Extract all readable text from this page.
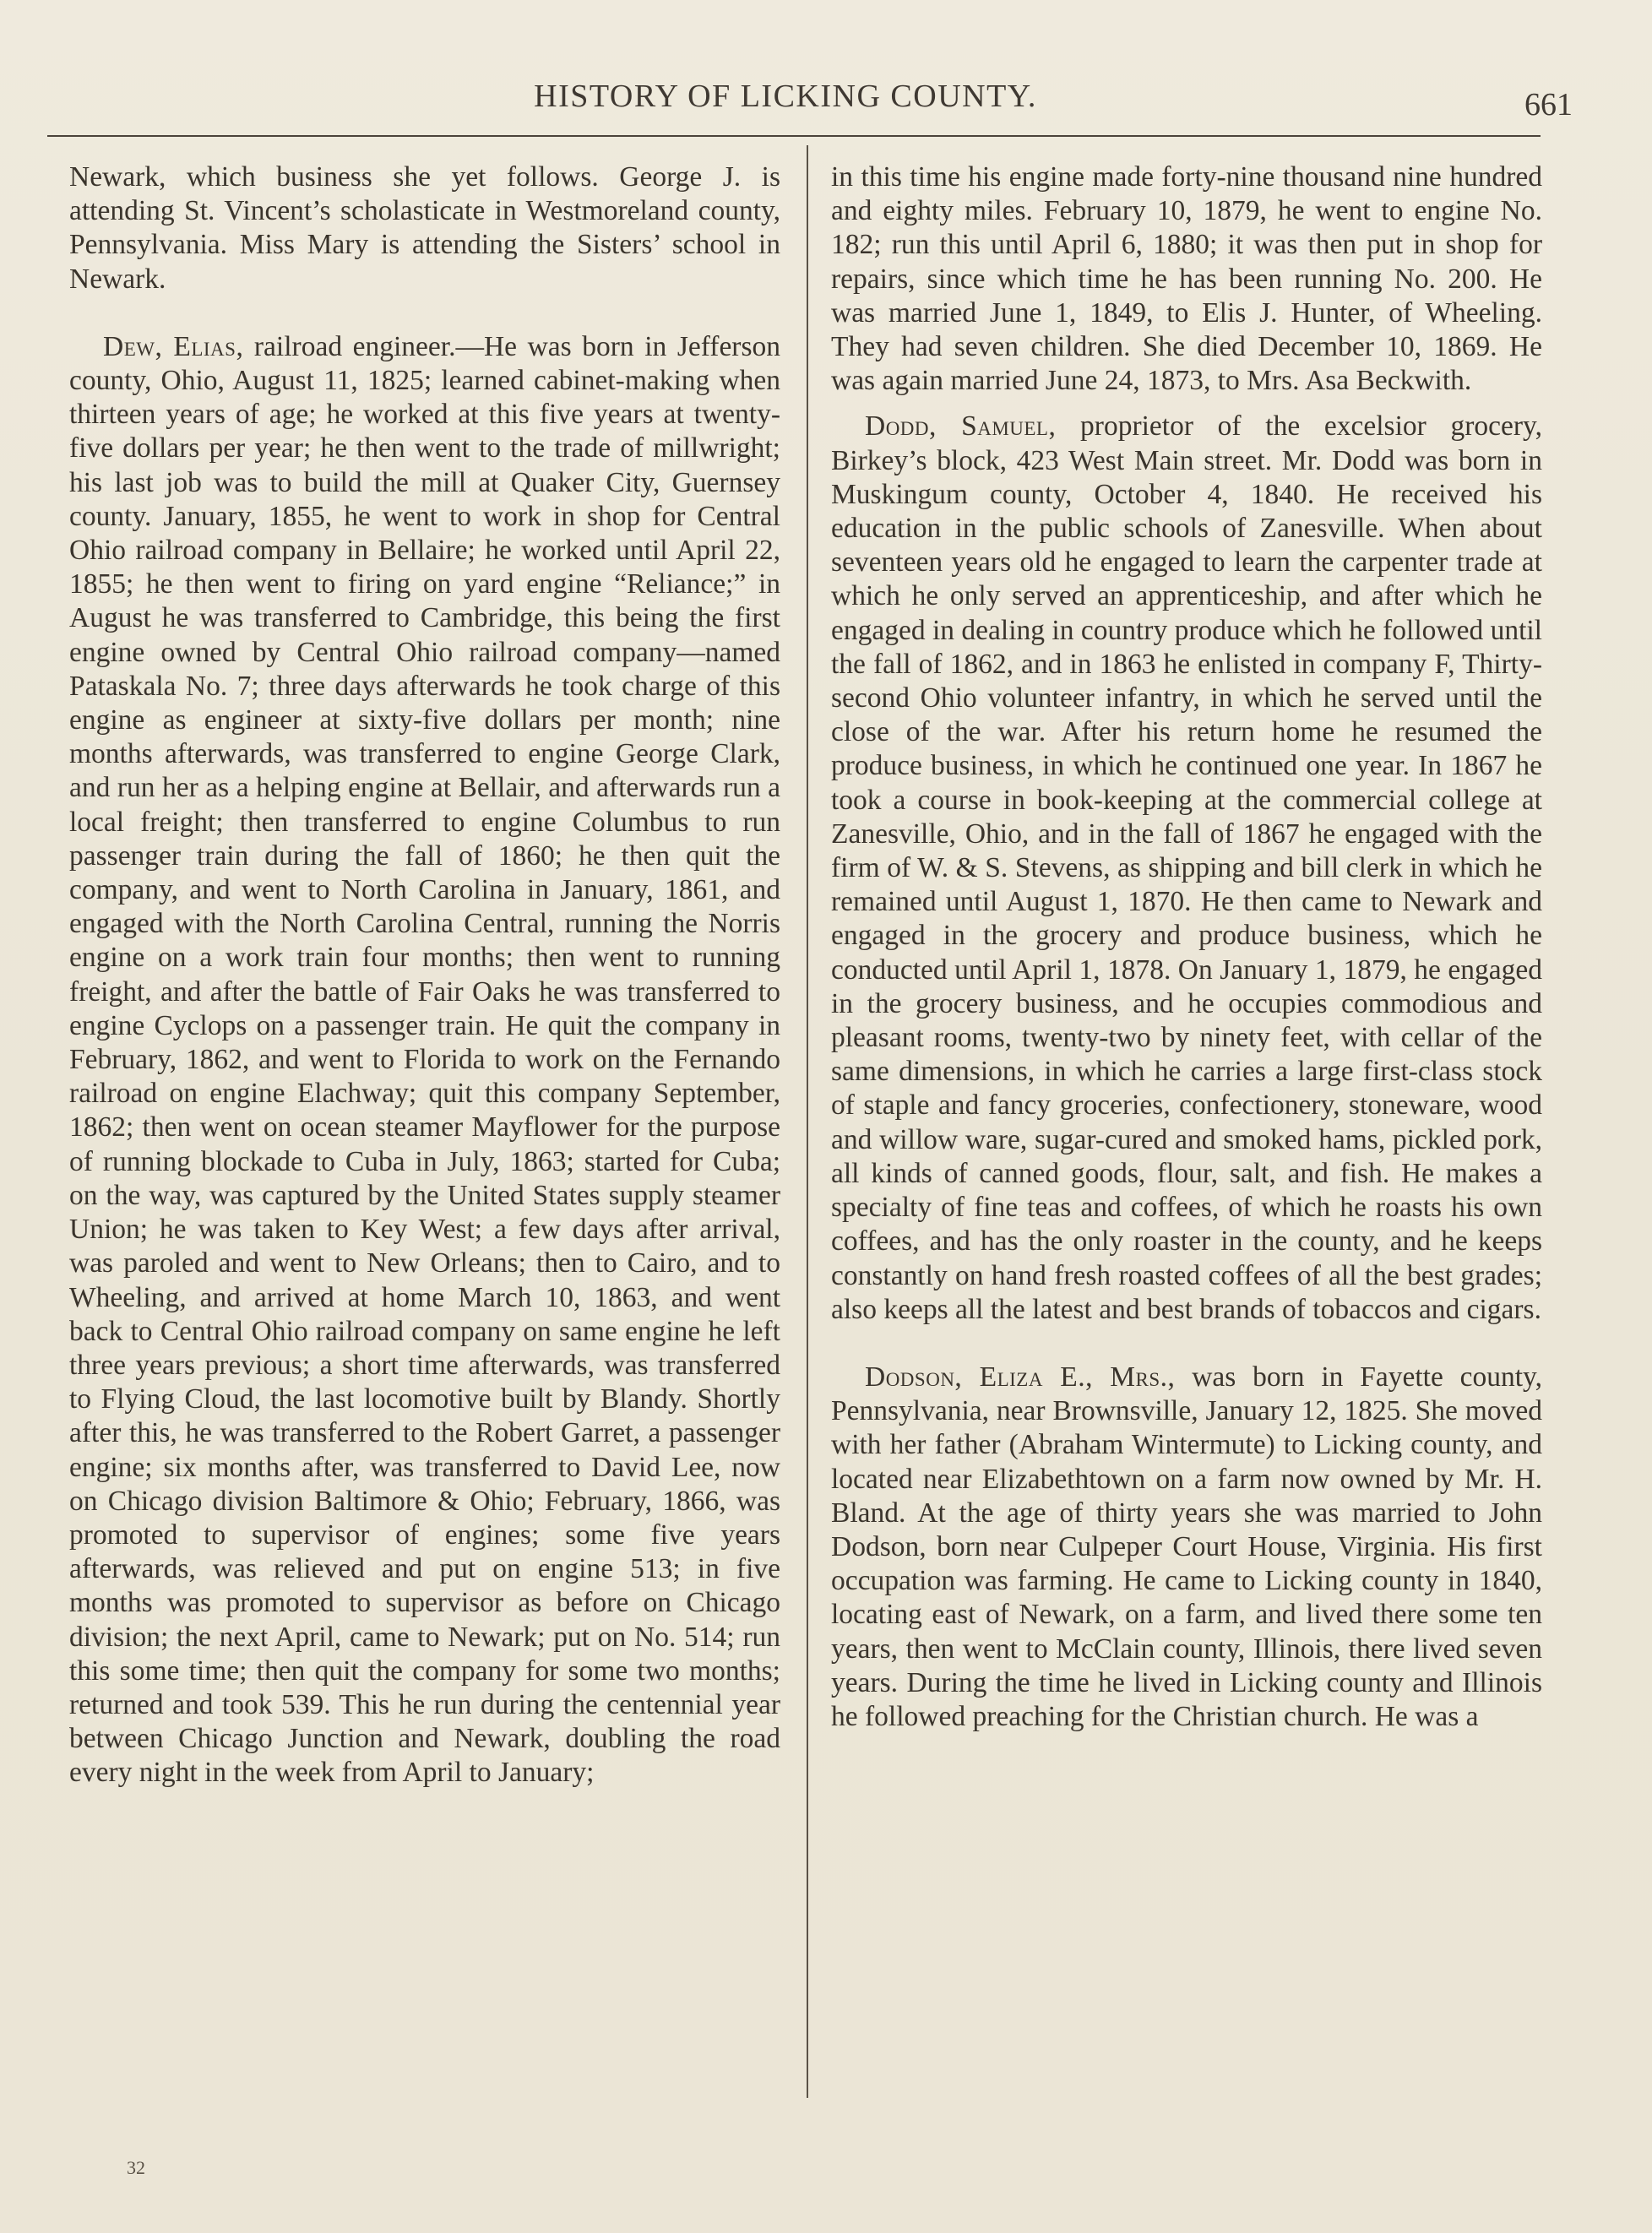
HISTORY OF LICKING COUNTY.	661

Newark, which business she yet follows. George J. is attending St. Vincent’s scholasticate in Westmoreland county, Pennsylvania. Miss Mary is attending the Sisters’ school in Newark.

Dew, Elias, railroad engineer.—He was born in Jefferson county, Ohio, August 11, 1825; learned cabinet-making when thirteen years of age; he worked at this five years at twenty-five dollars per year; he then went to the trade of millwright; his last job was to build the mill at Quaker City, Guernsey county. January, 1855, he went to work in shop for Central Ohio railroad company in Bellaire; he worked until April 22, 1855; he then went to firing on yard engine “Reliance;” in August he was transferred to Cambridge, this being the first engine owned by Central Ohio railroad company—named Pataskala No. 7; three days afterwards he took charge of this engine as engineer at sixty-five dollars per month; nine months afterwards, was transferred to engine George Clark, and run her as a helping engine at Bellair, and afterwards run a local freight; then transferred to engine Columbus to run passenger train during the fall of 1860; he then quit the company, and went to North Carolina in January, 1861, and engaged with the North Carolina Central, running the Norris engine on a work train four months; then went to running freight, and after the battle of Fair Oaks he was transferred to engine Cyclops on a passenger train. He quit the company in February, 1862, and went to Florida to work on the Fernando railroad on engine Elachway; quit this company September, 1862; then went on ocean steamer Mayflower for the purpose of running blockade to Cuba in July, 1863; started for Cuba; on the way, was captured by the United States supply steamer Union; he was taken to Key West; a few days after arrival, was paroled and went to New Orleans; then to Cairo, and to Wheeling, and arrived at home March 10, 1863, and went back to Central Ohio railroad company on same engine he left three years previous; a short time afterwards, was transferred to Flying Cloud, the last locomotive built by Blandy. Shortly after this, he was transferred to the Robert Garret, a passenger engine; six months after, was transferred to David Lee, now on Chicago division Baltimore & Ohio; February, 1866, was promoted to supervisor of engines; some five years afterwards, was relieved and put on engine 513; in five months was promoted to supervisor as before on Chicago division; the next April, came to Newark; put on No. 514; run this some time; then quit the company for some two months; returned and took 539. This he run during the centennial year between Chicago Junction and Newark, doubling the road every night in the week from April to January;

in this time his engine made forty-nine thousand nine hundred and eighty miles. February 10, 1879, he went to engine No. 182; run this until April 6, 1880; it was then put in shop for repairs, since which time he has been running No. 200. He was married June 1, 1849, to Elis J. Hunter, of Wheeling. They had seven children. She died December 10, 1869. He was again married June 24, 1873, to Mrs. Asa Beckwith.

Dodd, Samuel, proprietor of the excelsior grocery, Birkey’s block, 423 West Main street. Mr. Dodd was born in Muskingum county, October 4, 1840. He received his education in the public schools of Zanesville. When about seventeen years old he engaged to learn the carpenter trade at which he only served an apprenticeship, and after which he engaged in dealing in country produce which he followed until the fall of 1862, and in 1863 he enlisted in company F, Thirty-second Ohio volunteer infantry, in which he served until the close of the war. After his return home he resumed the produce business, in which he continued one year. In 1867 he took a course in book-keeping at the commercial college at Zanesville, Ohio, and in the fall of 1867 he engaged with the firm of W. & S. Stevens, as shipping and bill clerk in which he remained until August 1, 1870. He then came to Newark and engaged in the grocery and produce business, which he conducted until April 1, 1878. On January 1, 1879, he engaged in the grocery business, and he occupies commodious and pleasant rooms, twenty-two by ninety feet, with cellar of the same dimensions, in which he carries a large first-class stock of staple and fancy groceries, confectionery, stoneware, wood and willow ware, sugar-cured and smoked hams, pickled pork, all kinds of canned goods, flour, salt, and fish. He makes a specialty of fine teas and coffees, of which he roasts his own coffees, and has the only roaster in the county, and he keeps constantly on hand fresh roasted coffees of all the best grades; also keeps all the latest and best brands of tobaccos and cigars.

Dodson, Eliza E., Mrs., was born in Fayette county, Pennsylvania, near Brownsville, January 12, 1825. She moved with her father (Abraham Wintermute) to Licking county, and located near Elizabethtown on a farm now owned by Mr. H. Bland. At the age of thirty years she was married to John Dodson, born near Culpeper Court House, Virginia. His first occupation was farming. He came to Licking county in 1840, locating east of Newark, on a farm, and lived there some ten years, then went to McClain county, Illinois, there lived seven years. During the time he lived in Licking county and Illinois he followed preaching for the Christian church. He was a

32
